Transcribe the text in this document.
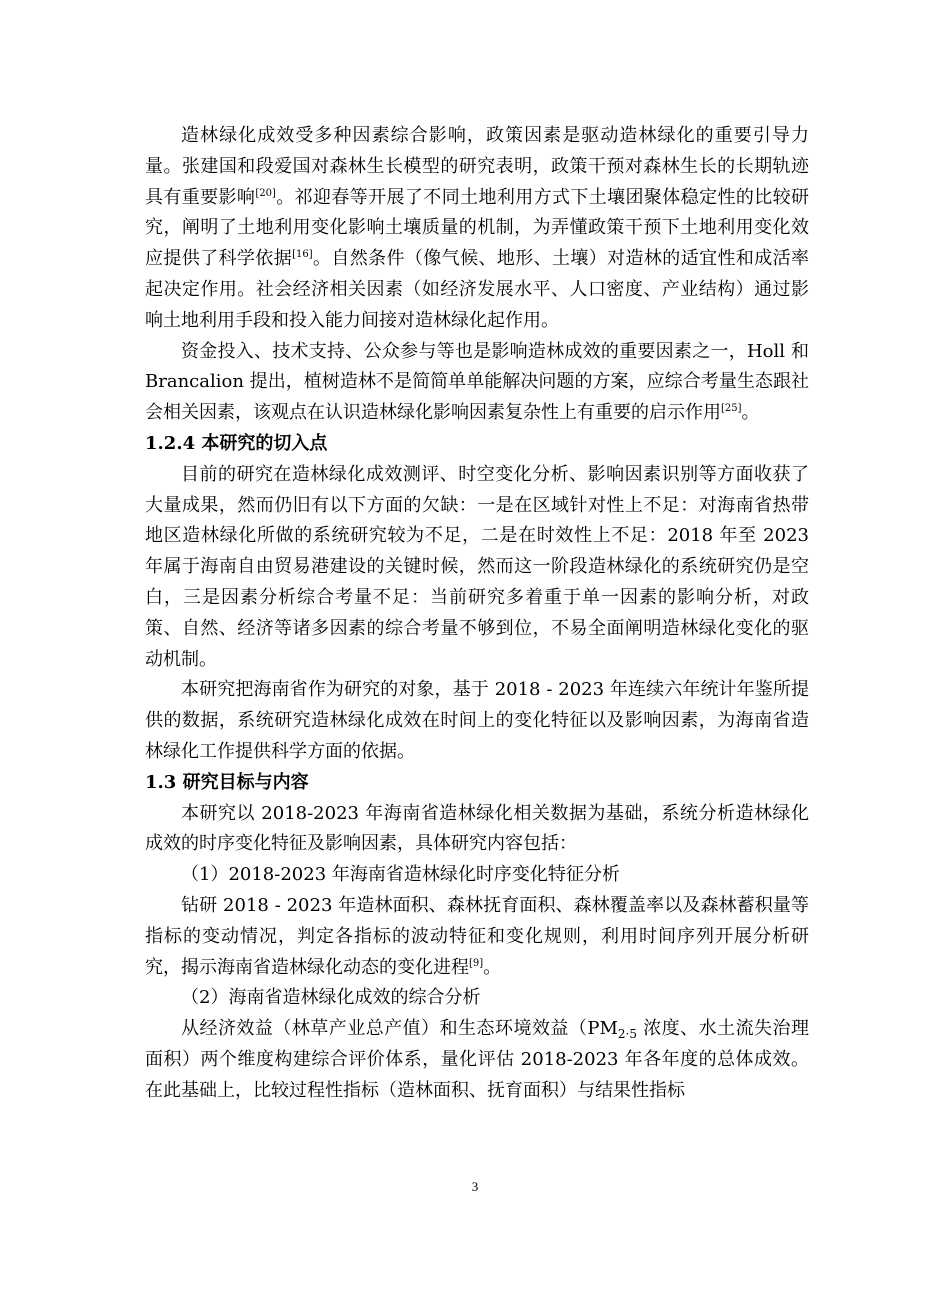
造林绿化成效受多种因素综合影响，政策因素是驱动造林绿化的重要引导力量。张建国和段爱国对森林生长模型的研究表明，政策干预对森林生长的长期轨迹具有重要影响[20]。祁迎春等开展了不同土地利用方式下土壤团聚体稳定性的比较研究，阐明了土地利用变化影响土壤质量的机制，为弄懂政策干预下土地利用变化效应提供了科学依据[16]。自然条件（像气候、地形、土壤）对造林的适宜性和成活率起决定作用。社会经济相关因素（如经济发展水平、人口密度、产业结构）通过影响土地利用手段和投入能力间接对造林绿化起作用。

资金投入、技术支持、公众参与等也是影响造林成效的重要因素之一，Holl 和 Brancalion 提出，植树造林不是简简单单能解决问题的方案，应综合考量生态跟社会相关因素，该观点在认识造林绿化影响因素复杂性上有重要的启示作用[25]。

1.2.4 本研究的切入点

目前的研究在造林绿化成效测评、时空变化分析、影响因素识别等方面收获了大量成果，然而仍旧有以下方面的欠缺：一是在区域针对性上不足：对海南省热带地区造林绿化所做的系统研究较为不足，二是在时效性上不足：2018 年至 2023 年属于海南自由贸易港建设的关键时候，然而这一阶段造林绿化的系统研究仍是空白，三是因素分析综合考量不足：当前研究多着重于单一因素的影响分析，对政策、自然、经济等诸多因素的综合考量不够到位，不易全面阐明造林绿化变化的驱动机制。

本研究把海南省作为研究的对象，基于 2018 ‐ 2023 年连续六年统计年鉴所提供的数据，系统研究造林绿化成效在时间上的变化特征以及影响因素，为海南省造林绿化工作提供科学方面的依据。

1.3 研究目标与内容

本研究以 2018-2023 年海南省造林绿化相关数据为基础，系统分析造林绿化成效的时序变化特征及影响因素，具体研究内容包括：

（1）2018-2023 年海南省造林绿化时序变化特征分析

钻研 2018 ‐ 2023 年造林面积、森林抚育面积、森林覆盖率以及森林蓄积量等指标的变动情况，判定各指标的波动特征和变化规则，利用时间序列开展分析研究，揭示海南省造林绿化动态的变化进程[9]。

（2）海南省造林绿化成效的综合分析

从经济效益（林草产业总产值）和生态环境效益（$PM_{2\cdot 5}$ 浓度、水土流失治理面积）两个维度构建综合评价体系，量化评估 2018-2023 年各年度的总体成效。在此基础上，比较过程性指标（造林面积、抚育面积）与结果性指标

3
